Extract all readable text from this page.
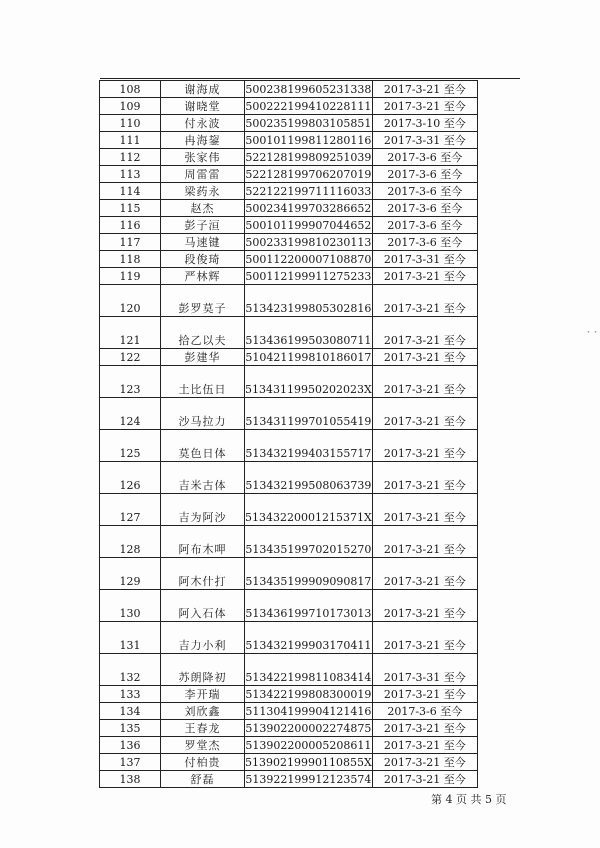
108	谢海成	500238199605231338	2017-3-21 至今
109	谢晓堂	500222199410228111	2017-3-21 至今
110	付永波	500235199803105851	2017-3-10 至今
111	冉海鋆	500101199811280116	2017-3-31 至今
112	张家伟	522128199809251039	2017-3-6 至今
113	周雷雷	522128199706207019	2017-3-6 至今
114	梁药永	522122199711116033	2017-3-6 至今
115	赵杰	500234199703286652	2017-3-6 至今
116	彭子洹	500101199907044652	2017-3-6 至今
117	马速键	500233199810230113	2017-3-6 至今
118	段俊琦	500112200007108870	2017-3-31 至今
119	严林辉	500112199911275233	2017-3-21 至今
120	彭罗莫子	513423199805302816	2017-3-21 至今
121	拾乙以夫	513436199503080711	2017-3-21 至今
122	彭建华	510421199810186017	2017-3-21 至今
123	土比伍日	51343119950202023X	2017-3-21 至今
124	沙马拉力	513431199701055419	2017-3-21 至今
125	莫色日体	513432199403155717	2017-3-21 至今
126	吉米古体	513432199508063739	2017-3-21 至今
127	吉为阿沙	51343220001215371X	2017-3-21 至今
128	阿布木呷	513435199702015270	2017-3-21 至今
129	阿木什打	513435199909090817	2017-3-21 至今
130	阿入石体	513436199710173013	2017-3-21 至今
131	吉力小利	513432199903170411	2017-3-21 至今
132	苏朗降初	513422199811083414	2017-3-31 至今
133	李开瑞	513422199808300019	2017-3-21 至今
134	刘欣鑫	511304199904121416	2017-3-6 至今
135	王春龙	513902200002274875	2017-3-21 至今
136	罗堂杰	513902200005208611	2017-3-21 至今
137	付柏贵	51390219990110855X	2017-3-21 至今
138	舒磊	513922199912123574	2017-3-21 至今
第 4 页 共 5 页
˙˙
